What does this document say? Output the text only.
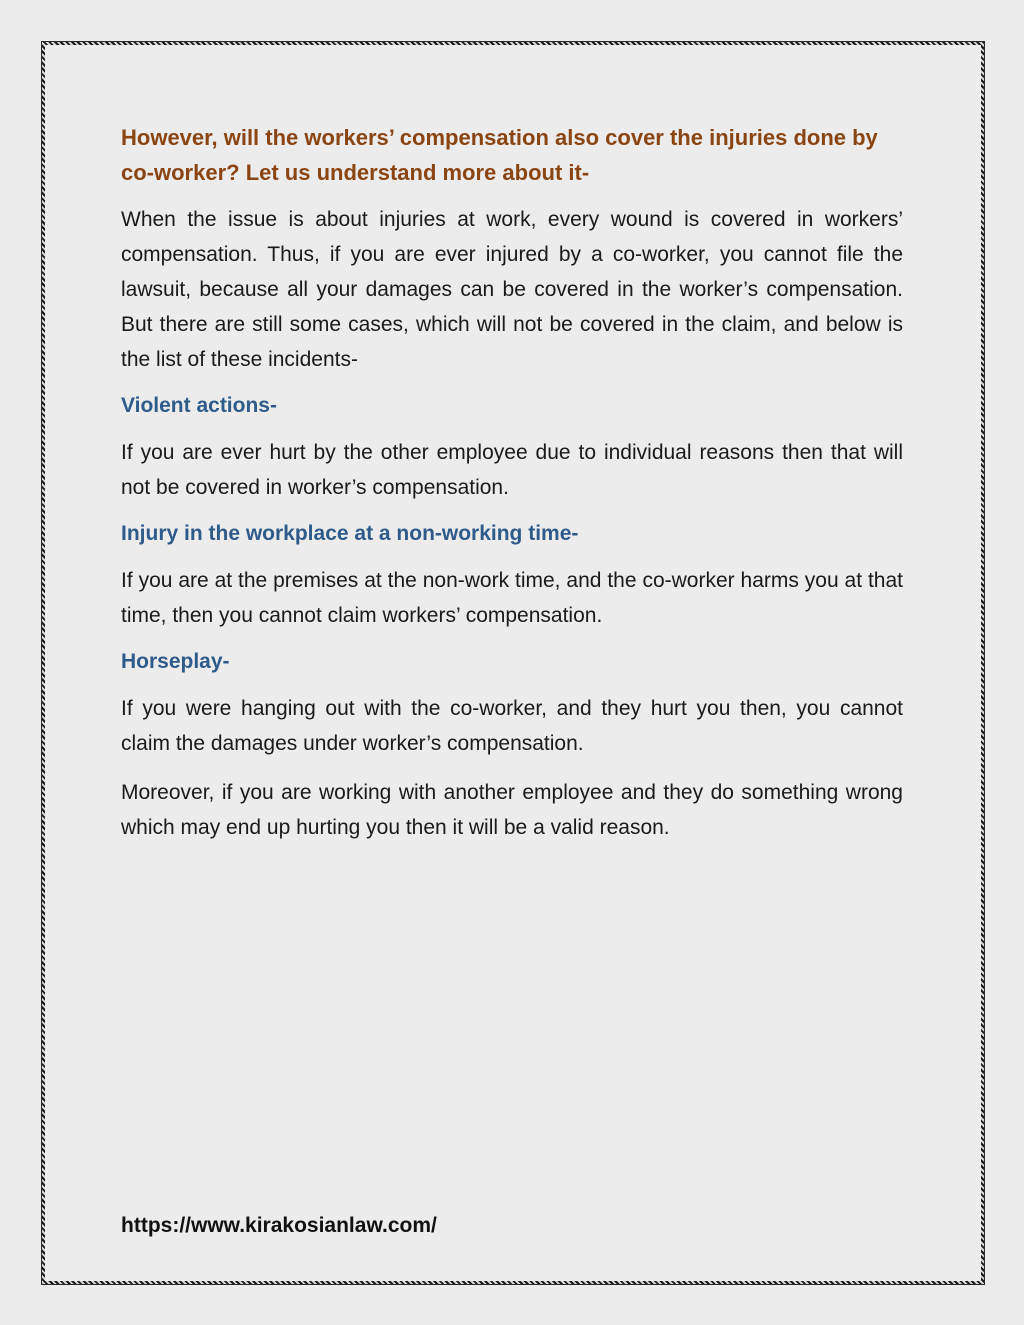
However, will the workers’ compensation also cover the injuries done by co-worker? Let us understand more about it-

When the issue is about injuries at work, every wound is covered in workers’ compensation. Thus, if you are ever injured by a co-worker, you cannot file the lawsuit, because all your damages can be covered in the worker’s compensation. But there are still some cases, which will not be covered in the claim, and below is the list of these incidents-

Violent actions-

If you are ever hurt by the other employee due to individual reasons then that will not be covered in worker’s compensation.

Injury in the workplace at a non-working time-

If you are at the premises at the non-work time, and the co-worker harms you at that time, then you cannot claim workers’ compensation.

Horseplay-

If you were hanging out with the co-worker, and they hurt you then, you cannot claim the damages under worker’s compensation.

Moreover, if you are working with another employee and they do something wrong which may end up hurting you then it will be a valid reason.

https://www.kirakosianlaw.com/
